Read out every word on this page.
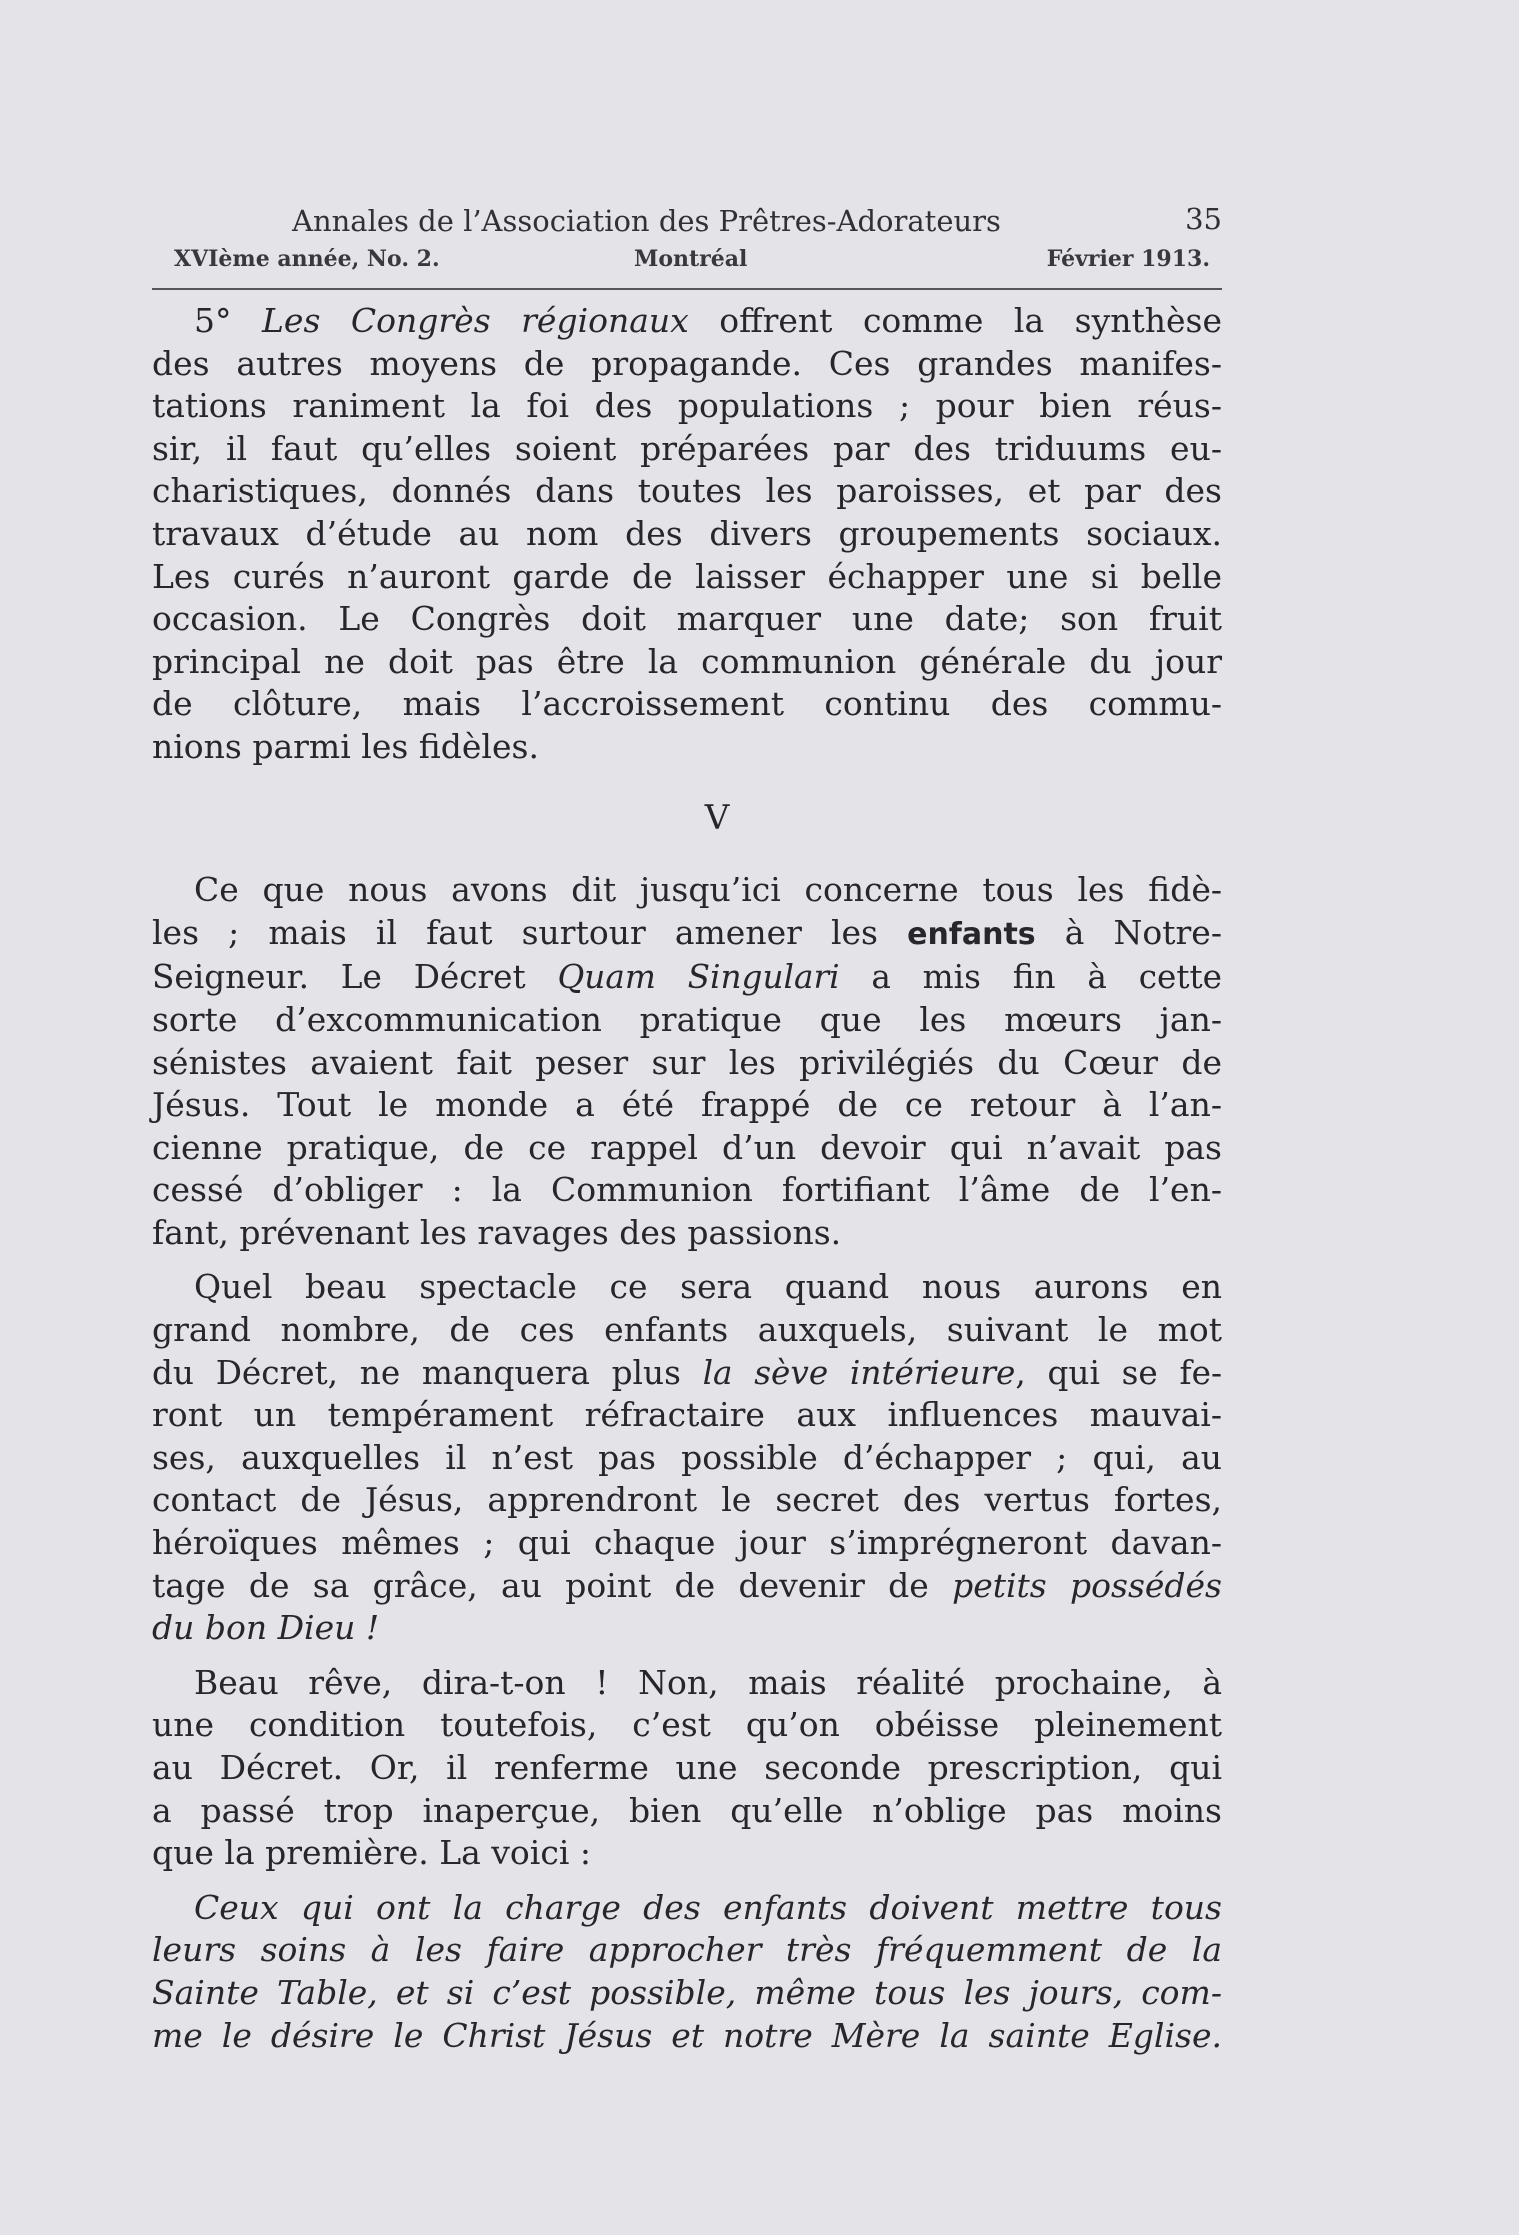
Annales de l’Association des Prêtres-Adorateurs	35
XVIème année, No. 2.	Montréal	Février 1913.
5° Les Congrès régionaux offrent comme la synthèse
des autres moyens de propagande. Ces grandes manifes-
tations raniment la foi des populations ; pour bien réus-
sir, il faut qu’elles soient préparées par des triduums eu-
charistiques, donnés dans toutes les paroisses, et par des
travaux d’étude au nom des divers groupements sociaux.
Les curés n’auront garde de laisser échapper une si belle
occasion. Le Congrès doit marquer une date; son fruit
principal ne doit pas être la communion générale du jour
de clôture, mais l’accroissement continu des commu-
nions parmi les fidèles.
V
Ce que nous avons dit jusqu’ici concerne tous les fidè-
les ; mais il faut surtour amener les enfants à Notre-
Seigneur. Le Décret Quam Singulari a mis fin à cette
sorte d’excommunication pratique que les mœurs jan-
sénistes avaient fait peser sur les privilégiés du Cœur de
Jésus. Tout le monde a été frappé de ce retour à l’an-
cienne pratique, de ce rappel d’un devoir qui n’avait pas
cessé d’obliger : la Communion fortifiant l’âme de l’en-
fant, prévenant les ravages des passions.
Quel beau spectacle ce sera quand nous aurons en
grand nombre, de ces enfants auxquels, suivant le mot
du Décret, ne manquera plus la sève intérieure, qui se fe-
ront un tempérament réfractaire aux influences mauvai-
ses, auxquelles il n’est pas possible d’échapper ; qui, au
contact de Jésus, apprendront le secret des vertus fortes,
héroïques mêmes ; qui chaque jour s’imprégneront davan-
tage de sa grâce, au point de devenir de petits possédés
du bon Dieu !
Beau rêve, dira-t-on ! Non, mais réalité prochaine, à
une condition toutefois, c’est qu’on obéisse pleinement
au Décret. Or, il renferme une seconde prescription, qui
a passé trop inaperçue, bien qu’elle n’oblige pas moins
que la première. La voici :
Ceux qui ont la charge des enfants doivent mettre tous
leurs soins à les faire approcher très fréquemment de la
Sainte Table, et si c’est possible, même tous les jours, com-
me le désire le Christ Jésus et notre Mère la sainte Eglise.
